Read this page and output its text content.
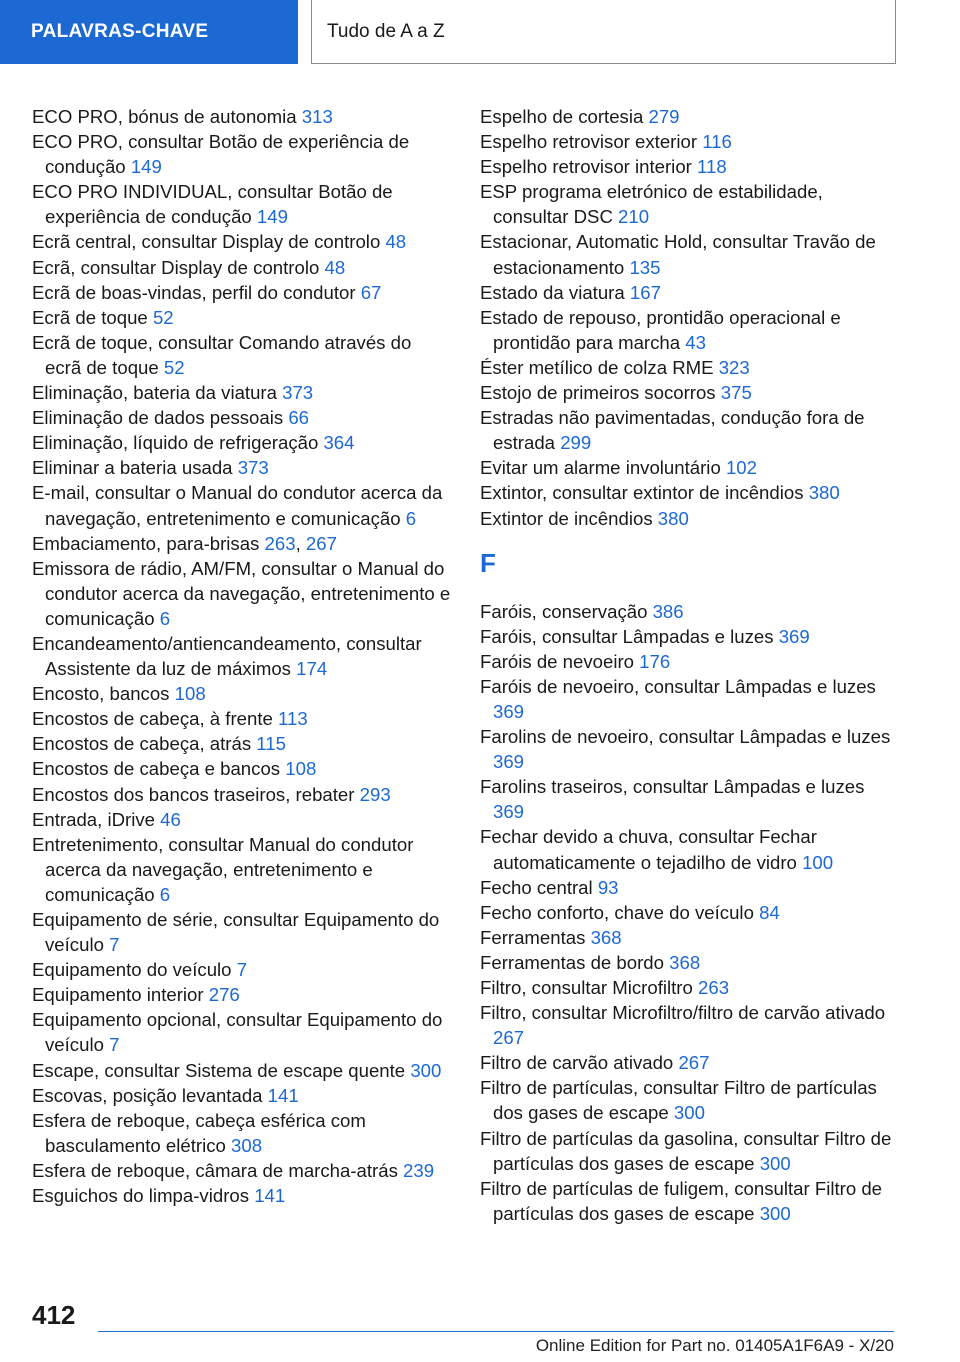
PALAVRAS-CHAVE	Tudo de A a Z
ECO PRO, bónus de autonomia 313
ECO PRO, consultar Botão de experiência de condução 149
ECO PRO INDIVIDUAL, consultar Botão de experiência de condução 149
Ecrã central, consultar Display de controlo 48
Ecrã, consultar Display de controlo 48
Ecrã de boas-vindas, perfil do condutor 67
Ecrã de toque 52
Ecrã de toque, consultar Comando através do ecrã de toque 52
Eliminação, bateria da viatura 373
Eliminação de dados pessoais 66
Eliminação, líquido de refrigeração 364
Eliminar a bateria usada 373
E-mail, consultar o Manual do condutor acerca da navegação, entretenimento e comunicação 6
Embaciamento, para-brisas 263, 267
Emissora de rádio, AM/FM, consultar o Manual do condutor acerca da navegação, entretenimento e comunicação 6
Encandeamento/antiencandeamento, consultar Assistente da luz de máximos 174
Encosto, bancos 108
Encostos de cabeça, à frente 113
Encostos de cabeça, atrás 115
Encostos de cabeça e bancos 108
Encostos dos bancos traseiros, rebater 293
Entrada, iDrive 46
Entretenimento, consultar Manual do condutor acerca da navegação, entretenimento e comunicação 6
Equipamento de série, consultar Equipamento do veículo 7
Equipamento do veículo 7
Equipamento interior 276
Equipamento opcional, consultar Equipamento do veículo 7
Escape, consultar Sistema de escape quente 300
Escovas, posição levantada 141
Esfera de reboque, cabeça esférica com basculamento elétrico 308
Esfera de reboque, câmara de marcha-atrás 239
Esguichos do limpa-vidros 141
Espelho de cortesia 279
Espelho retrovisor exterior 116
Espelho retrovisor interior 118
ESP programa eletrónico de estabilidade, consultar DSC 210
Estacionar, Automatic Hold, consultar Travão de estacionamento 135
Estado da viatura 167
Estado de repouso, prontidão operacional e prontidão para marcha 43
Éster metílico de colza RME 323
Estojo de primeiros socorros 375
Estradas não pavimentadas, condução fora de estrada 299
Evitar um alarme involuntário 102
Extintor, consultar extintor de incêndios 380
Extintor de incêndios 380
F
Faróis, conservação 386
Faróis, consultar Lâmpadas e luzes 369
Faróis de nevoeiro 176
Faróis de nevoeiro, consultar Lâmpadas e luzes 369
Farolins de nevoeiro, consultar Lâmpadas e luzes 369
Farolins traseiros, consultar Lâmpadas e luzes 369
Fechar devido a chuva, consultar Fechar automaticamente o tejadilho de vidro 100
Fecho central 93
Fecho conforto, chave do veículo 84
Ferramentas 368
Ferramentas de bordo 368
Filtro, consultar Microfiltro 263
Filtro, consultar Microfiltro/filtro de carvão ativado 267
Filtro de carvão ativado 267
Filtro de partículas, consultar Filtro de partículas dos gases de escape 300
Filtro de partículas da gasolina, consultar Filtro de partículas dos gases de escape 300
Filtro de partículas de fuligem, consultar Filtro de partículas dos gases de escape 300
412
Online Edition for Part no. 01405A1F6A9 - X/20
